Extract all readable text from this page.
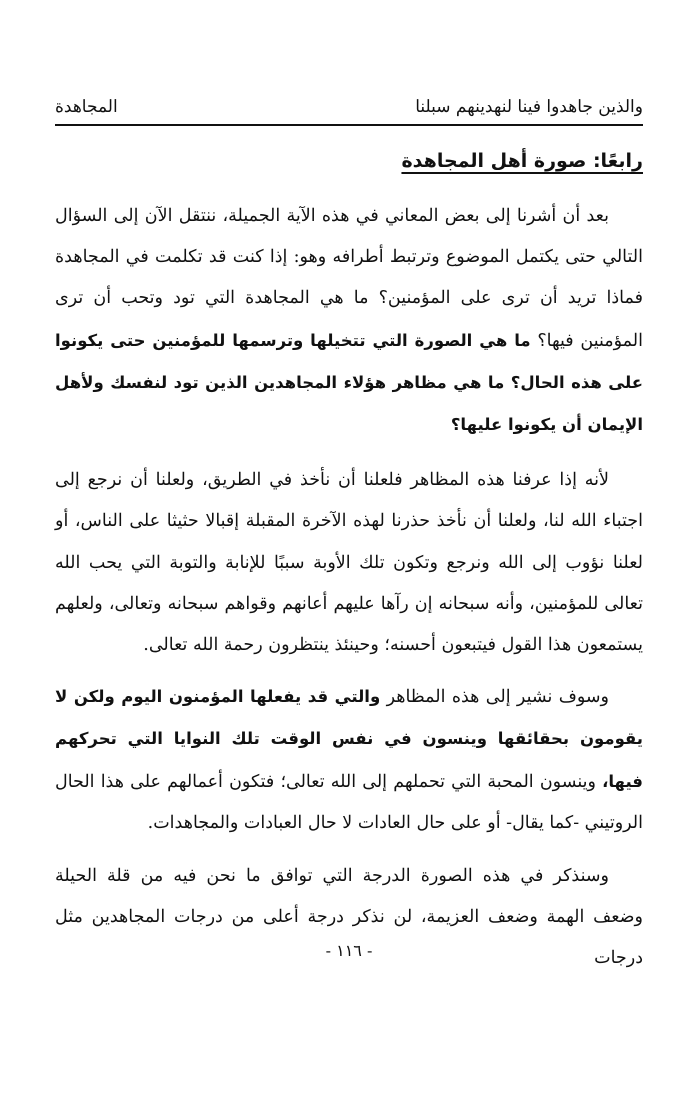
والذين جاهدوا فينا لنهدينهم سبلنا
المجاهدة
رابعًا: صورة أهل المجاهدة

بعد أن أشرنا إلى بعض المعاني في هذه الآية الجميلة، ننتقل الآن إلى السؤال التالي حتى يكتمل الموضوع وترتبط أطرافه وهو: إذا كنت قد تكلمت في المجاهدة فماذا تريد أن ترى على المؤمنين؟ ما هي المجاهدة التي تود وتحب أن ترى المؤمنين فيها؟ ما هي الصورة التي تتخيلها وترسمها للمؤمنين حتى يكونوا على هذه الحال؟ ما هي مظاهر هؤلاء المجاهدين الذين تود لنفسك ولأهل الإيمان أن يكونوا عليها؟

لأنه إذا عرفنا هذه المظاهر فلعلنا أن نأخذ في الطريق، ولعلنا أن نرجع إلى اجتباء الله لنا، ولعلنا أن نأخذ حذرنا لهذه الآخرة المقبلة إقبالا حثيثا على الناس، أو لعلنا نؤوب إلى الله ونرجع وتكون تلك الأوبة سببًا للإنابة والتوبة التي يحب الله تعالى للمؤمنين، وأنه سبحانه إن رآها عليهم أعانهم وقواهم سبحانه وتعالى، ولعلهم يستمعون هذا القول فيتبعون أحسنه؛ وحينئذ ينتظرون رحمة الله تعالى.

وسوف نشير إلى هذه المظاهر والتي قد يفعلها المؤمنون اليوم ولكن لا يقومون بحقائقها وينسون في نفس الوقت تلك النوايا التي تحركهم فيها، وينسون المحبة التي تحملهم إلى الله تعالى؛ فتكون أعمالهم على هذا الحال الروتيني -كما يقال- أو على حال العادات لا حال العبادات والمجاهدات.

وسنذكر في هذه الصورة الدرجة التي توافق ما نحن فيه من قلة الحيلة وضعف الهمة وضعف العزيمة، لن نذكر درجة أعلى من درجات المجاهدين مثل درجات

- ١١٦ -
